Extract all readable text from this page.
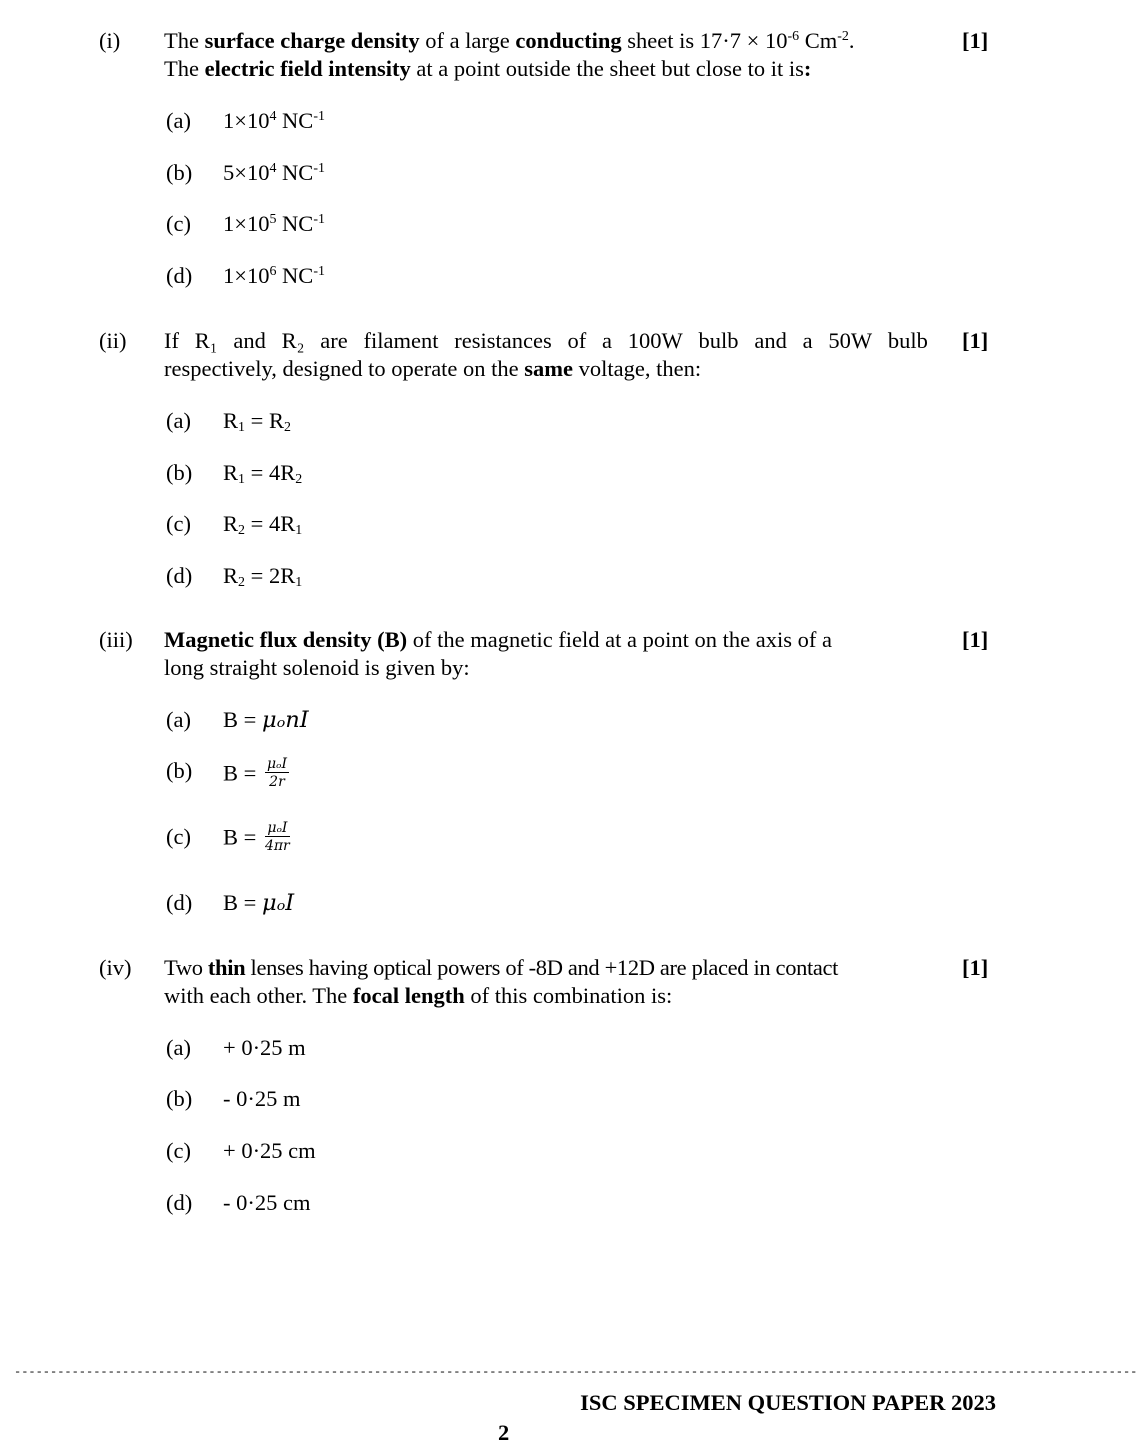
(i) The surface charge density of a large conducting sheet is $17\cdot 7 \times 10^{-6}$ $Cm^{-2}$.	[1]
The electric field intensity at a point outside the sheet but close to it is:
(a) $1\times 10^4$ $NC^{-1}$
(b) $5\times 10^4$ $NC^{-1}$
(c) $1\times 10^5$ $NC^{-1}$
(d) $1\times 10^6$ $NC^{-1}$
(ii) If R₁ and R₂ are filament resistances of a 100W bulb and a 50W bulb [1]
respectively, designed to operate on the same voltage, then:
(a) $R_1 = R_2$
(b) $R_1 = 4R_2$
(c) $R_2 = 4R_1$
(d) $R_2 = 2R_1$
(iii) Magnetic flux density (B) of the magnetic field at a point on the axis of a	[1]
long straight solenoid is given by:
(a) B = μₒnI
(b) $B = \frac{\text{μₒI}}{2r}$
(c) $B = \frac{\text{μₒI}}{4\pi r}$
(d) B = μₒI
(iv) Two thin lenses having optical powers of -8D and +12D are placed in contact	[1]
with each other. The focal length of this combination is:
(a) + 0·25 m
(b) - 0·25 m
(c) + 0·25 cm
(d) - 0·25 cm
------------------------------------------------------------------------------------------------------------------------------------------------------------
ISC SPECIMEN QUESTION PAPER 2023
2
